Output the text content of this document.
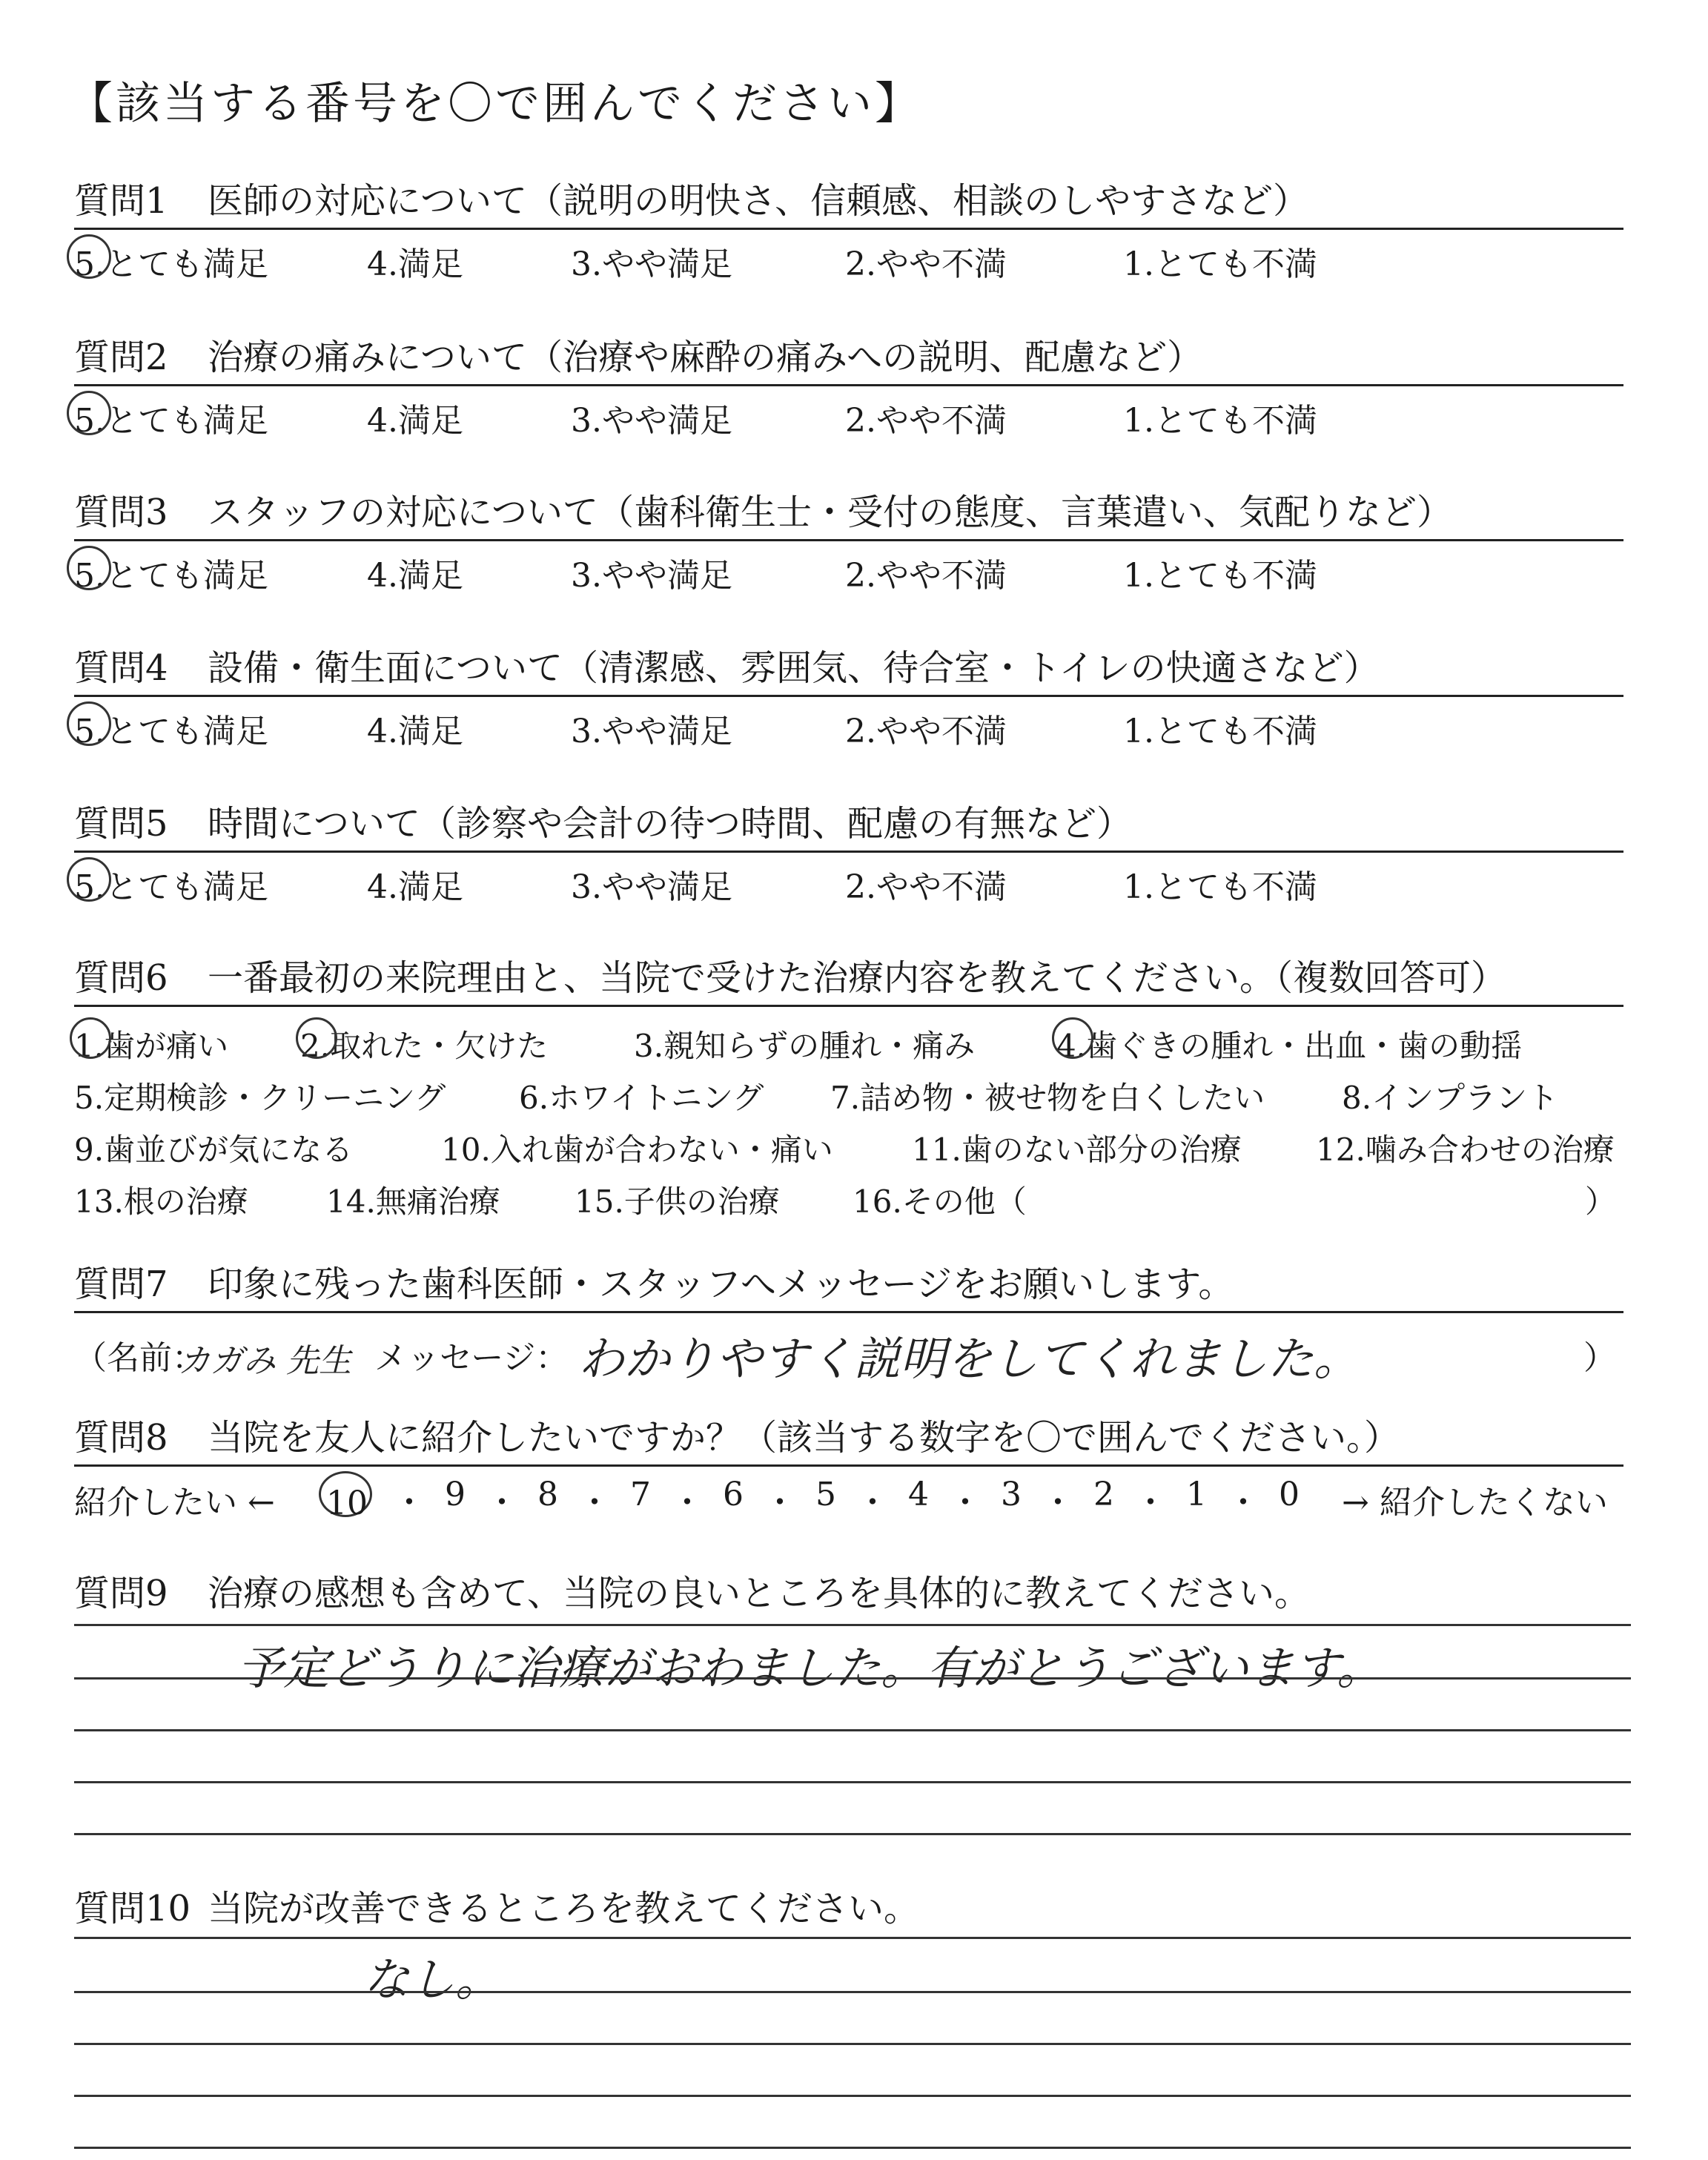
【該当する番号を〇で囲んでください】
質問1 医師の対応について（説明の明快さ、信頼感、相談のしやすさなど）
5.とても満足	4.満足	3.やや満足	2.やや不満	1.とても不満
質問2 治療の痛みについて（治療や麻酔の痛みへの説明、配慮など）
5.とても満足	4.満足	3.やや満足	2.やや不満	1.とても不満
質問3 スタッフの対応について（歯科衛生士・受付の態度、言葉遣い、気配りなど）
5.とても満足	4.満足	3.やや満足	2.やや不満	1.とても不満
質問4 設備・衛生面について（清潔感、雰囲気、待合室・トイレの快適さなど）
5.とても満足	4.満足	3.やや満足	2.やや不満	1.とても不満
質問5 時間について（診察や会計の待つ時間、配慮の有無など）
5.とても満足	4.満足	3.やや満足	2.やや不満	1.とても不満
質問6 一番最初の来院理由と、当院で受けた治療内容を教えてください。（複数回答可）
1.歯が痛い 2.取れた・欠けた	3.親知らずの腫れ・痛み	4.歯ぐきの腫れ・出血・歯の動揺
5.定期検診・クリーニング 6.ホワイトニング 7.詰め物・被せ物を白くしたい 8.インプラント
9.歯並びが気になる	10.入れ歯が合わない・痛い	11.歯のない部分の治療 12.噛み合わせの治療
13.根の治療	14.無痛治療 15.子供の治療 16.その他（	）
質問7 印象に残った歯科医師・スタッフへメッセージをお願いします。
（名前：
カガみ 先生 メッセージ： わかりやすく説明をしてくれました。	）
質問8 当院を友人に紹介したいですか？（該当する数字を〇で囲んでください。）
紹介したい ← 10 ・ 9 ・ 8 ・ 7 ・ 6 ・ 5 ・ 4 ・ 3 ・ 2 ・ 1 ・ 0 → 紹介したくない
質問9 治療の感想も含めて、当院の良いところを具体的に教えてください。
予定どうりに治療がおわました。有がとうございます。
質問10 当院が改善できるところを教えてください。
なし。
